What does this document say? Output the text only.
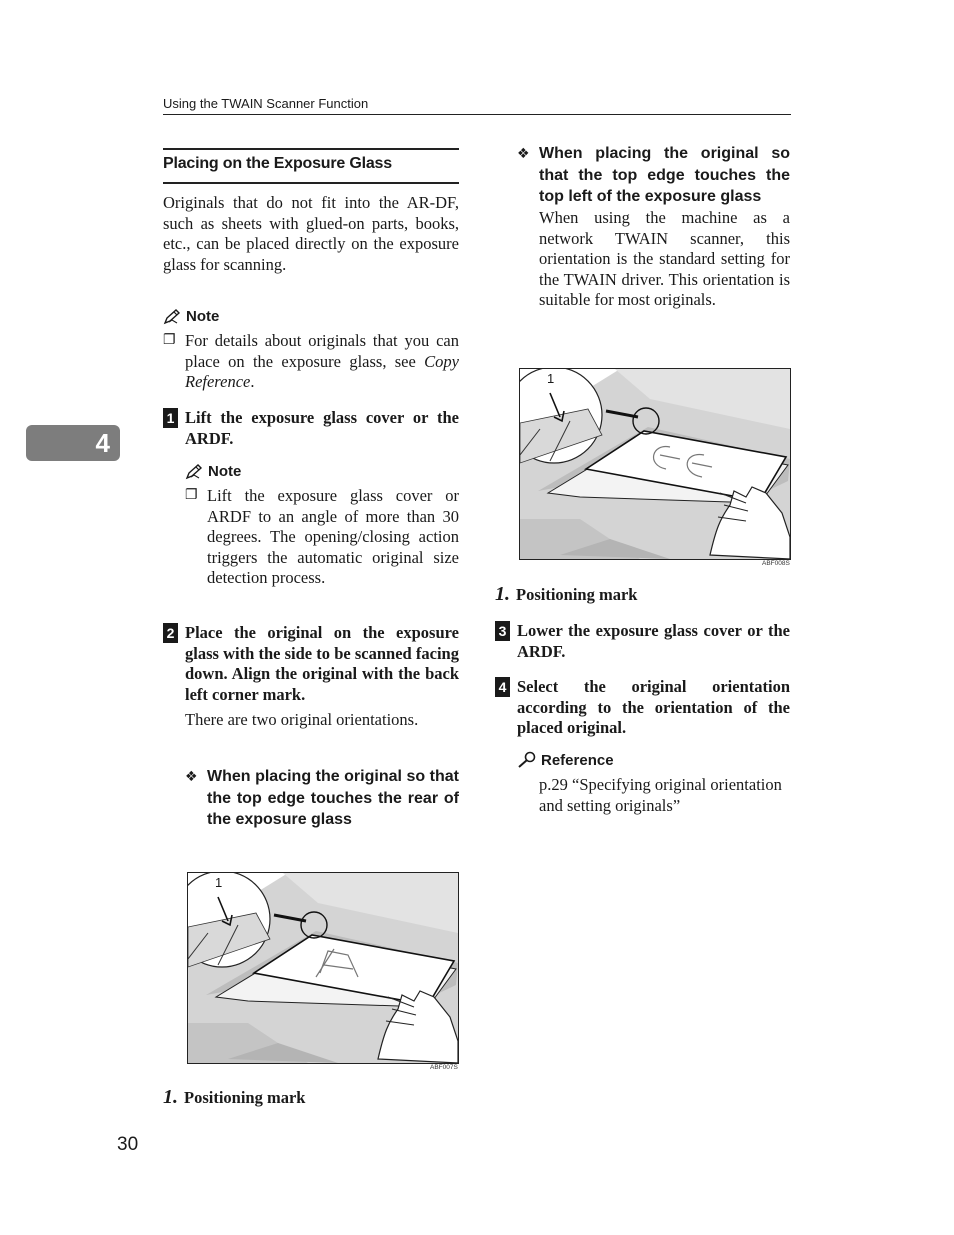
Using the TWAIN Scanner Function
4
Placing on the Exposure Glass
Originals that do not fit into the AR-DF, such as sheets with glued-on parts, books, etc., can be placed directly on the exposure glass for scanning.
Note
❐ For details about originals that you can place on the exposure glass, see Copy Reference.
1 Lift the exposure glass cover or the ARDF.
Note
❐ Lift the exposure glass cover or ARDF to an angle of more than 30 degrees. The opening/closing action triggers the automatic original size detection process.
2 Place the original on the exposure glass with the side to be scanned facing down. Align the original with the back left corner mark.
There are two original orientations.
❖ When placing the original so that the top edge touches the rear of the exposure glass
1
ABF007S
1. Positioning mark
❖ When placing the original so that the top edge touches the top left of the exposure glass
When using the machine as a network TWAIN scanner, this orientation is the standard setting for the TWAIN driver. This orientation is suitable for most originals.
1
ABF008S
1. Positioning mark
3 Lower the exposure glass cover or the ARDF.
4 Select the original orientation according to the orientation of the placed original.
Reference
p.29 “Specifying original orientation and setting originals”
30
